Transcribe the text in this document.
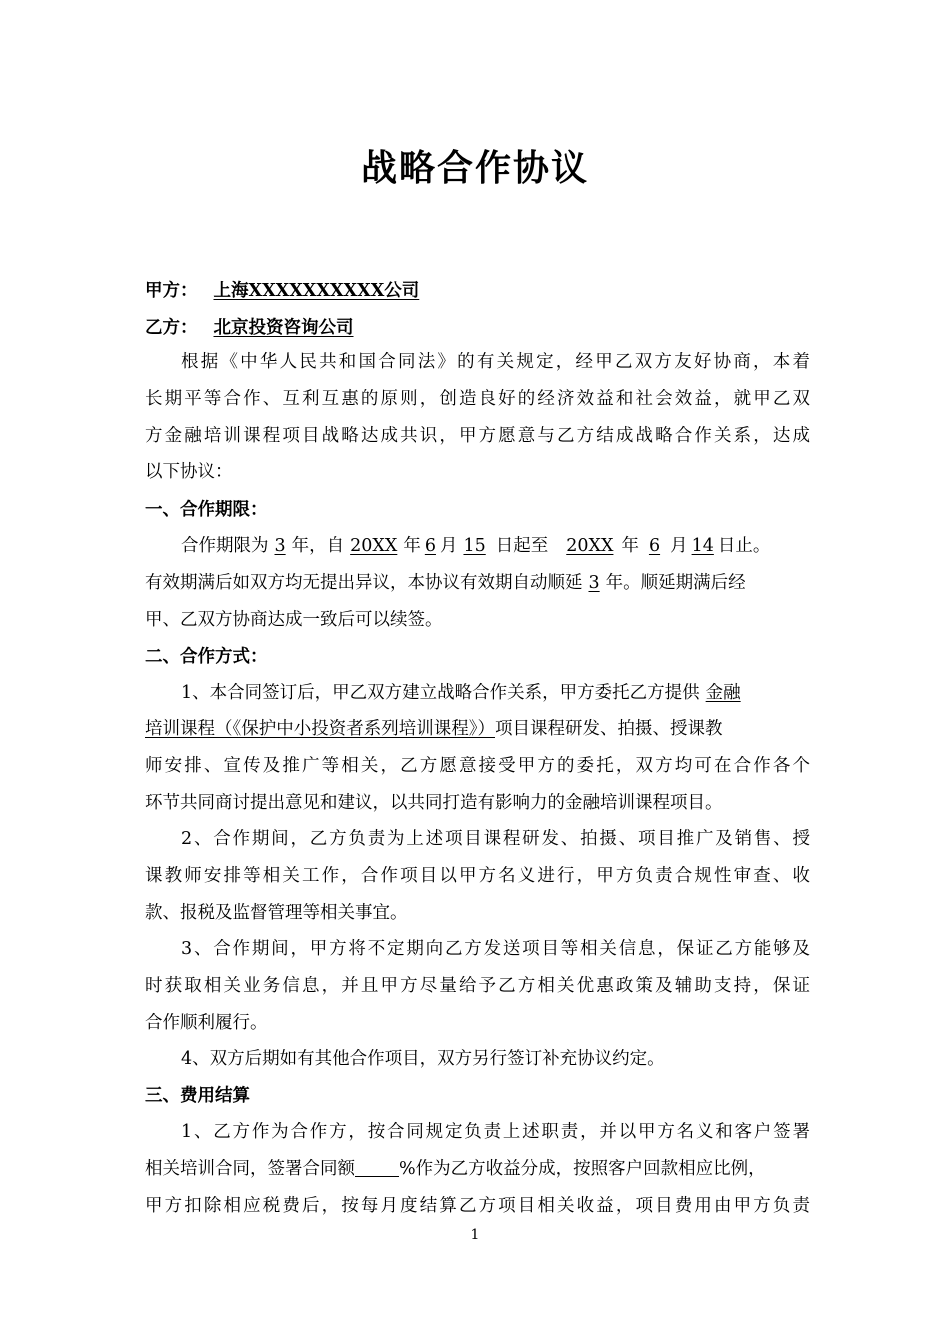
战略合作协议
甲方： 上海XXXXXXXXXX公司
乙方： 北京投资咨询公司
根据《中华人民共和国合同法》的有关规定，经甲乙双方友好协商，本着
长期平等合作、互利互惠的原则，创造良好的经济效益和社会效益，就甲乙双
方金融培训课程项目战略达成共识，甲方愿意与乙方结成战略合作关系，达成
以下协议：
一、合作期限：
合作期限为 3 年，自 20XX 年 6 月 15 日起至 20XX 年 6 月 14 日止。
有效期满后如双方均无提出异议，本协议有效期自动顺延 3 年。顺延期满后经
甲、乙双方协商达成一致后可以续签。
二、合作方式：
1、本合同签订后，甲乙双方建立战略合作关系，甲方委托乙方提供 金融
培训课程（《保护中小投资者系列培训课程》）项目课程研发、拍摄、授课教
师安排、宣传及推广等相关，乙方愿意接受甲方的委托，双方均可在合作各个
环节共同商讨提出意见和建议，以共同打造有影响力的金融培训课程项目。
2、合作期间，乙方负责为上述项目课程研发、拍摄、项目推广及销售、授
课教师安排等相关工作，合作项目以甲方名义进行，甲方负责合规性审查、收
款、报税及监督管理等相关事宜。
3、合作期间，甲方将不定期向乙方发送项目等相关信息，保证乙方能够及
时获取相关业务信息，并且甲方尽量给予乙方相关优惠政策及辅助支持，保证
合作顺利履行。
4、双方后期如有其他合作项目，双方另行签订补充协议约定。
三、费用结算
1、乙方作为合作方，按合同规定负责上述职责，并以甲方名义和客户签署
相关培训合同，签署合同额	%作为乙方收益分成，按照客户回款相应比例，
甲方扣除相应税费后，按每月度结算乙方项目相关收益，项目费用由甲方负责
1
